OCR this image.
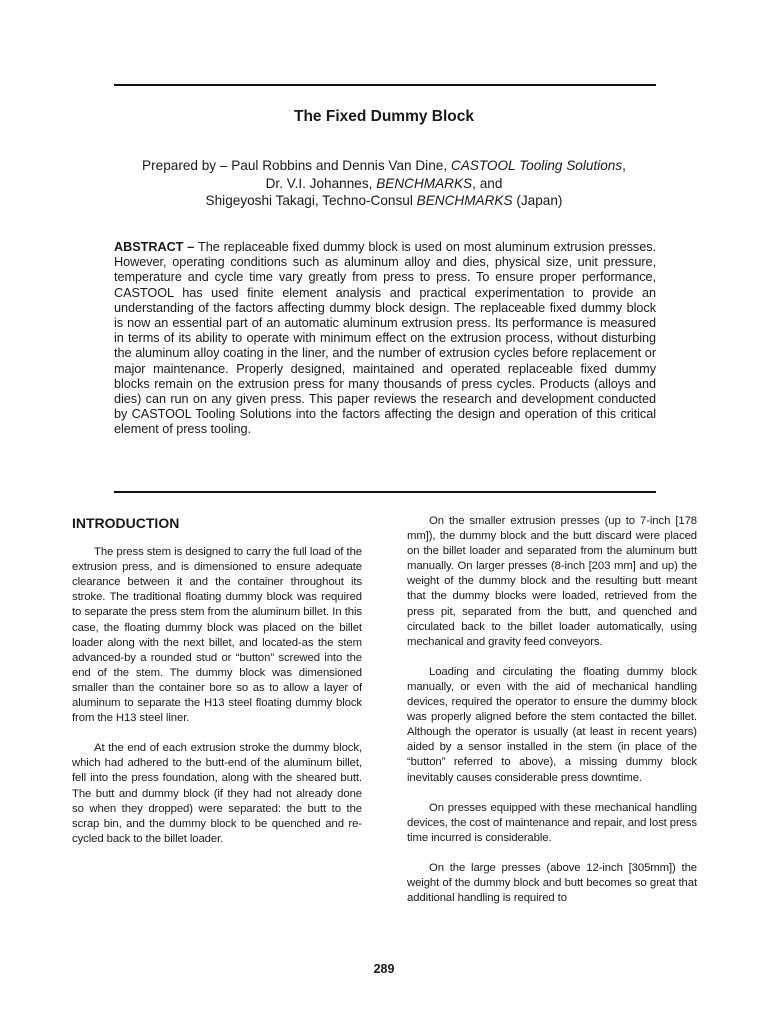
The Fixed Dummy Block
Prepared by – Paul Robbins and Dennis Van Dine, CASTOOL Tooling Solutions,
Dr. V.I. Johannes, BENCHMARKS, and
Shigeyoshi Takagi, Techno-Consul BENCHMARKS (Japan)
ABSTRACT – The replaceable fixed dummy block is used on most aluminum extrusion presses. However, operating conditions such as aluminum alloy and dies, physical size, unit pressure, temperature and cycle time vary greatly from press to press. To ensure proper performance, CASTOOL has used finite element analysis and practical experimentation to provide an understanding of the factors affecting dummy block design. The replaceable fixed dummy block is now an essential part of an automatic aluminum extrusion press. Its performance is measured in terms of its ability to operate with minimum effect on the extrusion process, without disturbing the aluminum alloy coating in the liner, and the number of extrusion cycles before replacement or major maintenance. Properly designed, maintained and operated replaceable fixed dummy blocks remain on the extrusion press for many thousands of press cycles. Products (alloys and dies) can run on any given press. This paper reviews the research and development conducted by CASTOOL Tooling Solutions into the factors affecting the design and operation of this critical element of press tooling.
INTRODUCTION

The press stem is designed to carry the full load of the extrusion press, and is dimensioned to ensure adequate clearance between it and the container throughout its stroke. The traditional floating dummy block was required to separate the press stem from the aluminum billet. In this case, the floating dummy block was placed on the billet loader along with the next billet, and located-as the stem advanced-by a rounded stud or “button” screwed into the end of the stem. The dummy block was dimensioned smaller than the container bore so as to allow a layer of aluminum to separate the H13 steel floating dummy block from the H13 steel liner.

At the end of each extrusion stroke the dummy block, which had adhered to the butt-end of the aluminum billet, fell into the press foundation, along with the sheared butt. The butt and dummy block (if they had not already done so when they dropped) were separated: the butt to the scrap bin, and the dummy block to be quenched and re-cycled back to the billet loader.

On the smaller extrusion presses (up to 7-inch [178 mm]), the dummy block and the butt discard were placed on the billet loader and separated from the aluminum butt manually. On larger presses (8-inch [203 mm] and up) the weight of the dummy block and the resulting butt meant that the dummy blocks were loaded, retrieved from the press pit, separated from the butt, and quenched and circulated back to the billet loader automatically, using mechanical and gravity feed conveyors.

Loading and circulating the floating dummy block manually, or even with the aid of mechanical handling devices, required the operator to ensure the dummy block was properly aligned before the stem contacted the billet. Although the operator is usually (at least in recent years) aided by a sensor installed in the stem (in place of the “button” referred to above), a missing dummy block inevitably causes considerable press downtime.

On presses equipped with these mechanical handling devices, the cost of maintenance and repair, and lost press time incurred is considerable.

On the large presses (above 12-inch [305mm]) the weight of the dummy block and butt becomes so great that additional handling is required to

289
